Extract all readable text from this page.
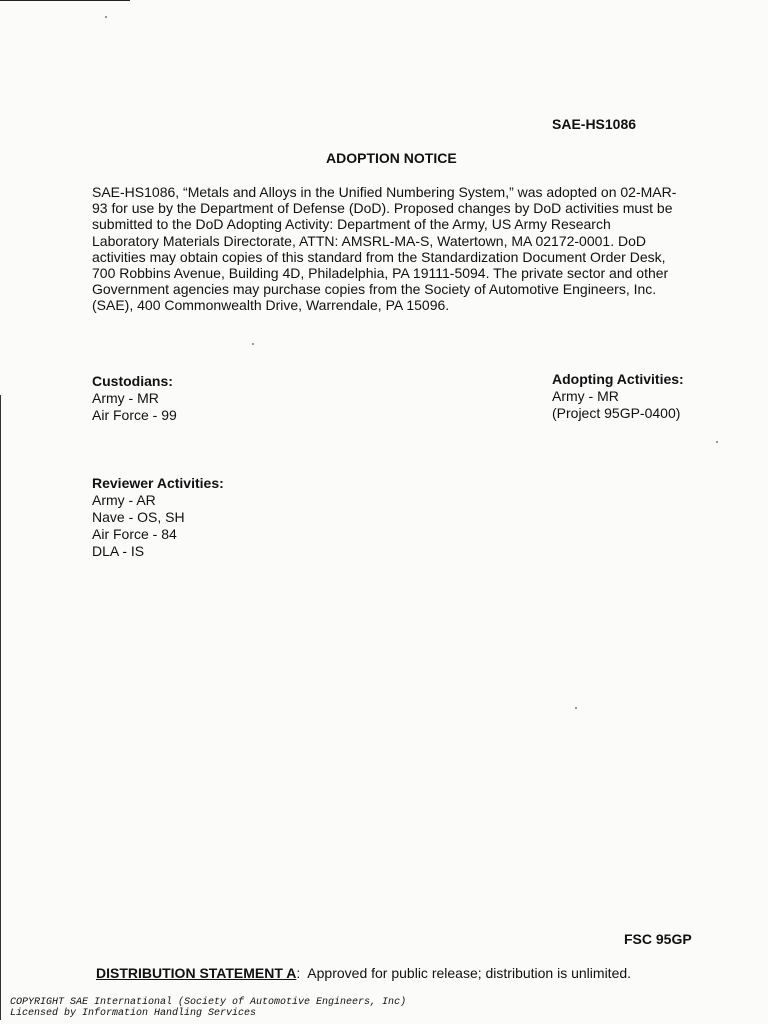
SAE-HS1086
ADOPTION NOTICE
SAE-HS1086, “Metals and Alloys in the Unified Numbering System,” was adopted on 02-MAR-
93 for use by the Department of Defense (DoD). Proposed changes by DoD activities must be
submitted to the DoD Adopting Activity: Department of the Army, US Army Research
Laboratory Materials Directorate, ATTN: AMSRL-MA-S, Watertown, MA 02172-0001. DoD
activities may obtain copies of this standard from the Standardization Document Order Desk,
700 Robbins Avenue, Building 4D, Philadelphia, PA 19111-5094. The private sector and other
Government agencies may purchase copies from the Society of Automotive Engineers, Inc.
(SAE), 400 Commonwealth Drive, Warrendale, PA 15096.
Custodians:
Army - MR
Air Force - 99
Adopting Activities:
Army - MR
(Project 95GP-0400)
Reviewer Activities:
Army - AR
Nave - OS, SH
Air Force - 84
DLA - IS
FSC 95GP
DISTRIBUTION STATEMENT A:  Approved for public release; distribution is unlimited.
COPYRIGHT SAE International (Society of Automotive Engineers, Inc)
Licensed by Information Handling Services
